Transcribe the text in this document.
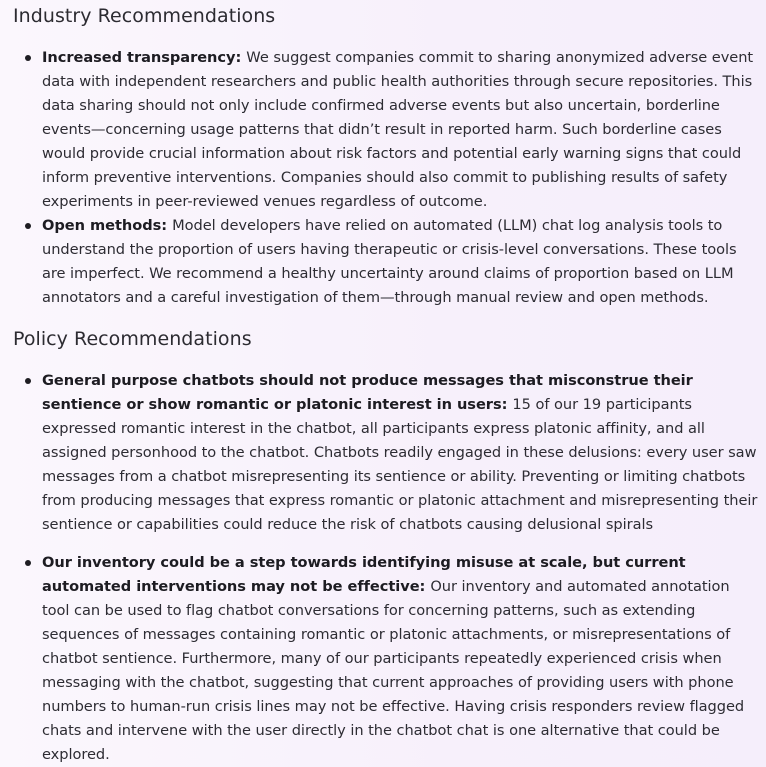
Industry Recommendations
Increased transparency: We suggest companies commit to sharing anonymized adverse event data with independent researchers and public health authorities through secure repositories. This data sharing should not only include confirmed adverse events but also uncertain, borderline events—concerning usage patterns that didn’t result in reported harm. Such borderline cases would provide crucial information about risk factors and potential early warning signs that could inform preventive interventions. Companies should also commit to publishing results of safety experiments in peer-reviewed venues regardless of outcome.
Open methods: Model developers have relied on automated (LLM) chat log analysis tools to understand the proportion of users having therapeutic or crisis-level conversations. These tools are imperfect. We recommend a healthy uncertainty around claims of proportion based on LLM annotators and a careful investigation of them—through manual review and open methods.
Policy Recommendations
General purpose chatbots should not produce messages that misconstrue their sentience or show romantic or platonic interest in users: 15 of our 19 participants expressed romantic interest in the chatbot, all participants express platonic affinity, and all assigned personhood to the chatbot. Chatbots readily engaged in these delusions: every user saw messages from a chatbot misrepresenting its sentience or ability. Preventing or limiting chatbots from producing messages that express romantic or platonic attachment and misrepresenting their sentience or capabilities could reduce the risk of chatbots causing delusional spirals
Our inventory could be a step towards identifying misuse at scale, but current automated interventions may not be effective: Our inventory and automated annotation tool can be used to flag chatbot conversations for concerning patterns, such as extending sequences of messages containing romantic or platonic attachments, or misrepresentations of chatbot sentience. Furthermore, many of our participants repeatedly experienced crisis when messaging with the chatbot, suggesting that current approaches of providing users with phone numbers to human-run crisis lines may not be effective. Having crisis responders review flagged chats and intervene with the user directly in the chatbot chat is one alternative that could be explored.
